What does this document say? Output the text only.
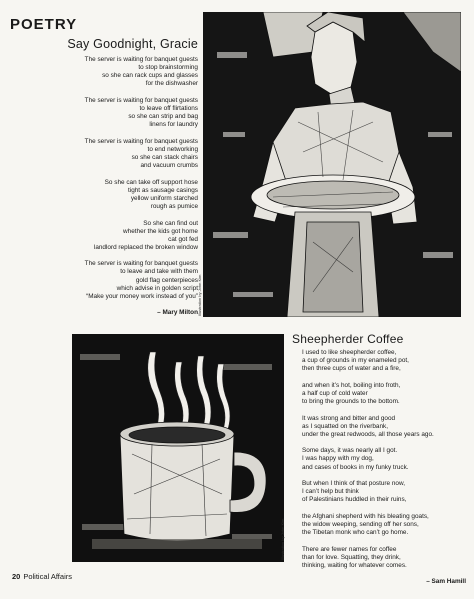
POETRY
Say Goodnight, Gracie
The server is waiting for banquet guests
to stop brainstorming
so she can rack cups and glasses
for the dishwasher
The server is waiting for banquet guests
to leave off flirtations
so she can strip and bag
linens for laundry
The server is waiting for banquet guests
to end networking
so she can stack chairs
and vacuum crumbs
So she can take off support hose
tight as sausage casings
yellow uniform starched
rough as pumice
So she can find out
whether the kids got home
cat got fed
landlord replaced the broken window
The server is waiting for banquet guests
to leave and take with them
gold flag centerpieces
which advise in golden script
“Make your money work instead of you”
– Mary Milton Illustration by John Kim
Illustration by John Kim
Sheepherder Coffee
I used to like sheepherder coffee,
a cup of grounds in my enameled pot,
then three cups of water and a fire,
and when it’s hot, boiling into froth,
a half cup of cold water
to bring the grounds to the bottom.
It was strong and bitter and good
as I squatted on the riverbank,
under the great redwoods, all those years ago.
Some days, it was nearly all I got.
I was happy with my dog,
and cases of books in my funky truck.
But when I think of that posture now,
I can’t help but think
of Palestinians huddled in their ruins,
the Afghani shepherd with his bleating goats,
the widow weeping, sending off her sons,
the Tibetan monk who can’t go home.
There are fewer names for coffee
than for love. Squatting, they drink,
thinking, waiting for whatever comes.
– Sam Hamill
20 Political Affairs
